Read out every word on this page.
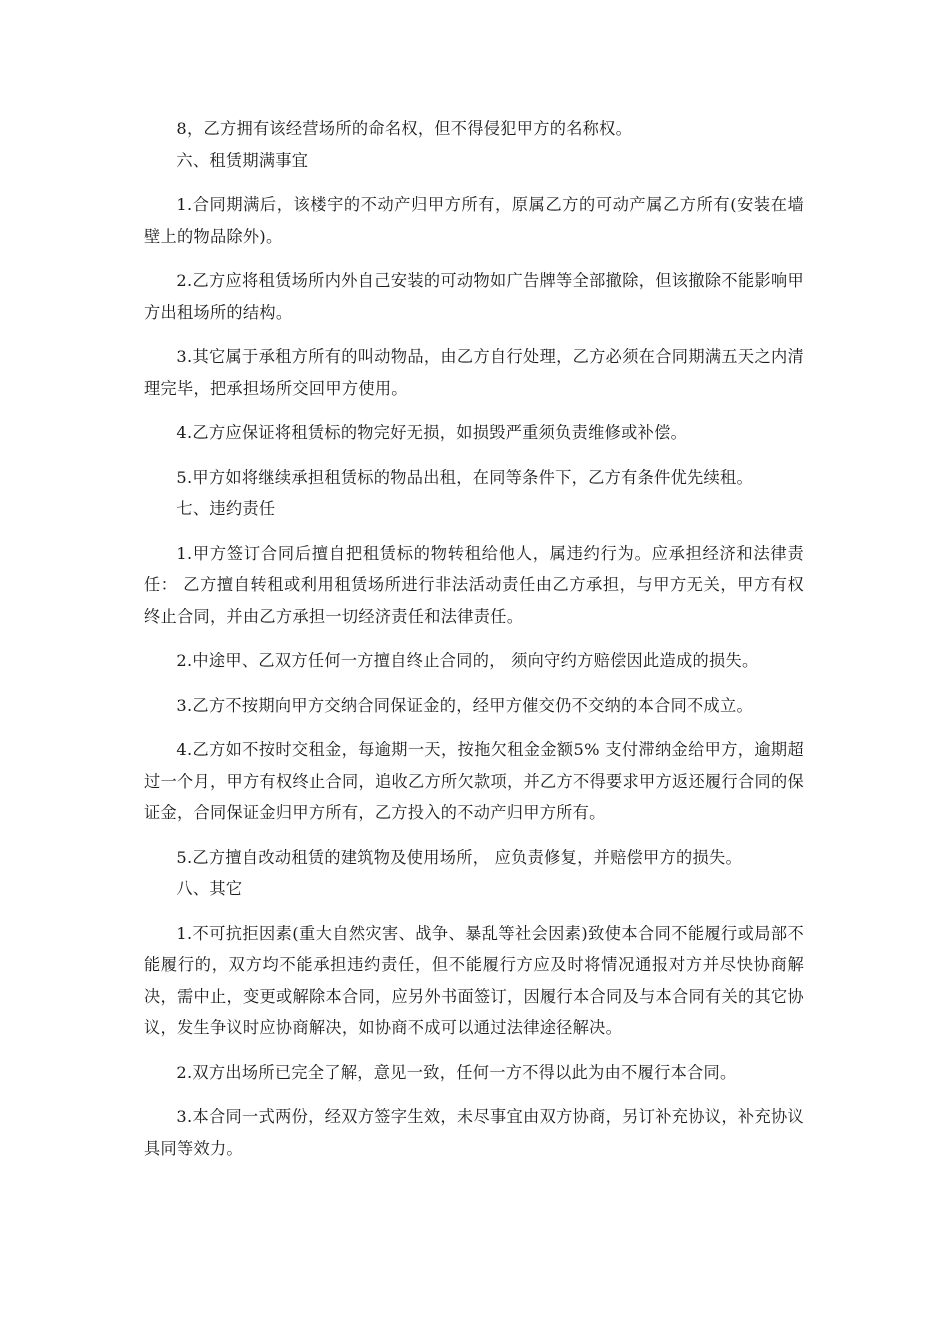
8，乙方拥有该经营场所的命名权，但不得侵犯甲方的名称权。

六、租赁期满事宜

1.合同期满后，该楼宇的不动产归甲方所有，原属乙方的可动产属乙方所有(安装在墙壁上的物品除外)。

2.乙方应将租赁场所内外自己安装的可动物如广告牌等全部撤除，但该撤除不能影响甲方出租场所的结构。

3.其它属于承租方所有的叫动物品，由乙方自行处理，乙方必须在合同期满五天之内清理完毕，把承担场所交回甲方使用。

4.乙方应保证将租赁标的物完好无损，如损毁严重须负责维修或补偿。

5.甲方如将继续承担租赁标的物品出租，在同等条件下，乙方有条件优先续租。

七、违约责任

1.甲方签订合同后擅自把租赁标的物转租给他人，属违约行为。应承担经济和法律责任： 乙方擅自转租或利用租赁场所进行非法活动责任由乙方承担，与甲方无关，甲方有权终止合同，并由乙方承担一切经济责任和法律责任。

2.中途甲、乙双方任何一方擅自终止合同的， 须向守约方赔偿因此造成的损失。

3.乙方不按期向甲方交纳合同保证金的，经甲方催交仍不交纳的本合同不成立。

4.乙方如不按时交租金，每逾期一天，按拖欠租金金额5% 支付滞纳金给甲方，逾期超过一个月，甲方有权终止合同，追收乙方所欠款项，并乙方不得要求甲方返还履行合同的保证金，合同保证金归甲方所有，乙方投入的不动产归甲方所有。

5.乙方擅自改动租赁的建筑物及使用场所， 应负责修复，并赔偿甲方的损失。

八、其它

1.不可抗拒因素(重大自然灾害、战争、暴乱等社会因素)致使本合同不能履行或局部不能履行的，双方均不能承担违约责任，但不能履行方应及时将情况通报对方并尽快协商解决，需中止，变更或解除本合同，应另外书面签订，因履行本合同及与本合同有关的其它协议，发生争议时应协商解决，如协商不成可以通过法律途径解决。

2.双方出场所已完全了解，意见一致，任何一方不得以此为由不履行本合同。

3.本合同一式两份，经双方签字生效，未尽事宜由双方协商，另订补充协议，补充协议具同等效力。
